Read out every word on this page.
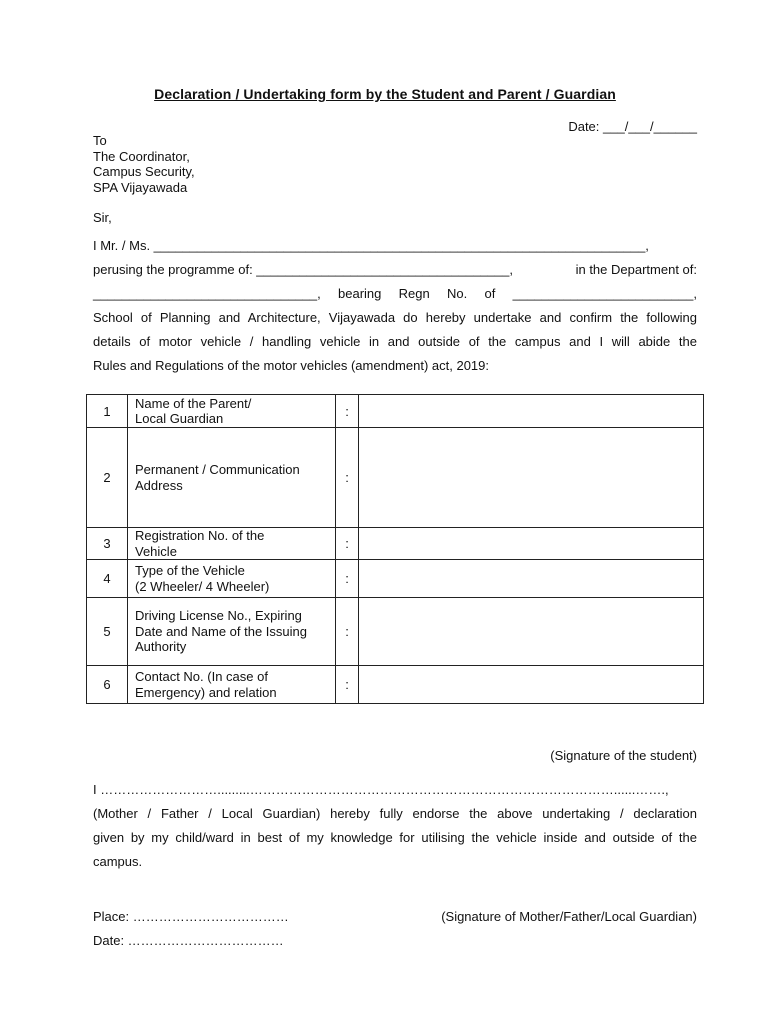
Declaration / Undertaking form by the Student and Parent / Guardian
Date: ___/___/______
To
The Coordinator,
Campus Security,
SPA Vijayawada
Sir,
I Mr. / Ms. ____________________________________________________________________,
perusing the programme of: ___________________________________,	in the Department of:
_______________________________, bearing Regn No. of _________________________,
School of Planning and Architecture, Vijayawada do hereby undertake and confirm the following
details of motor vehicle / handling vehicle in and outside of the campus and I will abide the
Rules and Regulations of the motor vehicles (amendment) act, 2019:
1	Name of the Parent/
Local Guardian	:	
2	Permanent / Communication
Address	:	
3	Registration No. of the
Vehicle	:	
4	Type of the Vehicle
(2 Wheeler/ 4 Wheeler)	:	
5	Driving License No., Expiring
Date and Name of the Issuing
Authority	:	
6	Contact No. (In case of
Emergency) and relation	:	
(Signature of the student)
I ……………………….........…………………………………………………………………………......…….,
(Mother / Father / Local Guardian) hereby fully endorse the above undertaking / declaration
given by my child/ward in best of my knowledge for utilising the vehicle inside and outside of the
campus.
Place: ………………………………	(Signature of Mother/Father/Local Guardian)
Date: ………………………………
